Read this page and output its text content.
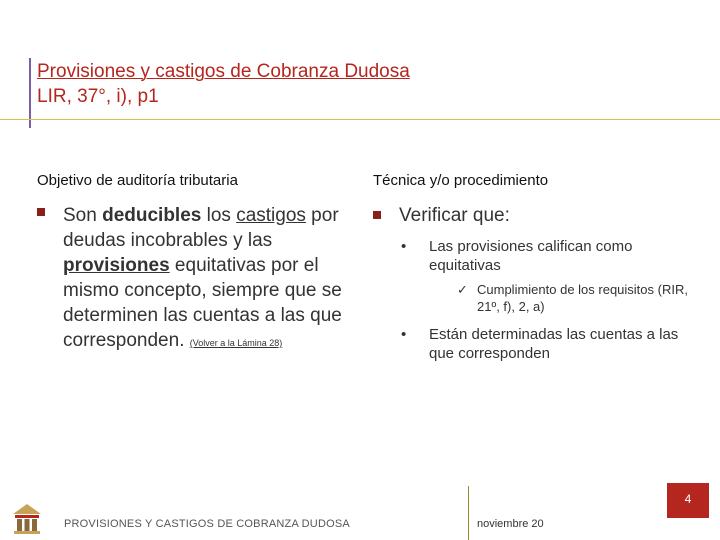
Provisiones y castigos de Cobranza Dudosa
LIR, 37°, i), p1
Objetivo de auditoría tributaria	Técnica y/o procedimiento
Son deducibles los castigos por deudas incobrables y las provisiones equitativas por el mismo concepto, siempre que se determinen las cuentas a las que corresponden. (Volver a la Lámina 28)
Verificar que:
• Las provisiones califican como equitativas
✓ Cumplimiento de los requisitos (RIR, 21º, f), 2, a)
• Están determinadas las cuentas a las que corresponden
4
PROVISIONES Y CASTIGOS DE COBRANZA DUDOSA	noviembre 20
